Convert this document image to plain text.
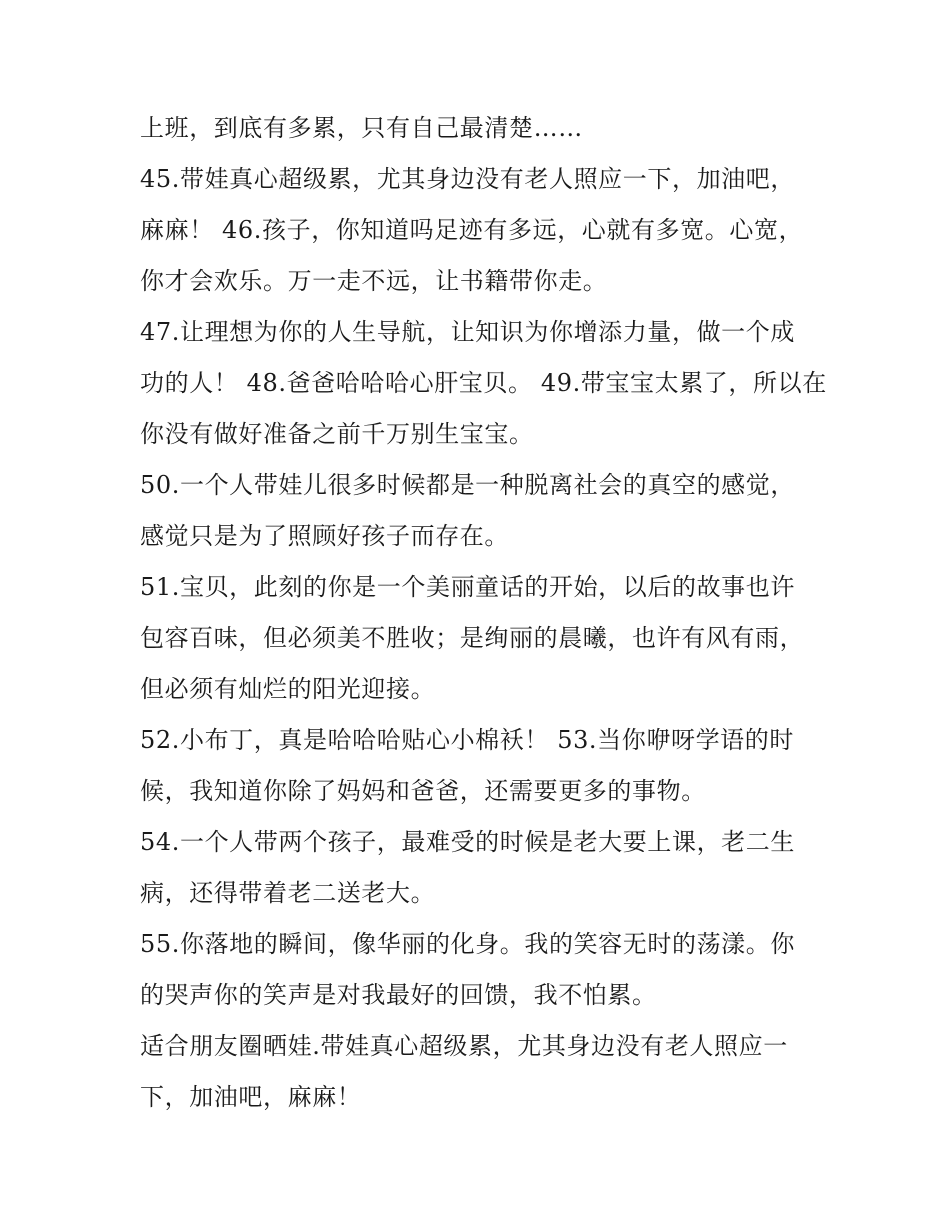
上班，到底有多累，只有自己最清楚……
45.带娃真心超级累，尤其身边没有老人照应一下，加油吧，
麻麻！ 46.孩子，你知道吗足迹有多远，心就有多宽。心宽，
你才会欢乐。万一走不远，让书籍带你走。
47.让理想为你的人生导航，让知识为你增添力量，做一个成
功的人！ 48.爸爸哈哈哈心肝宝贝。 49.带宝宝太累了，所以在
你没有做好准备之前千万别生宝宝。
50.一个人带娃儿很多时候都是一种脱离社会的真空的感觉，
感觉只是为了照顾好孩子而存在。
51.宝贝，此刻的你是一个美丽童话的开始，以后的故事也许
包容百味，但必须美不胜收；是绚丽的晨曦，也许有风有雨，
但必须有灿烂的阳光迎接。
52.小布丁，真是哈哈哈贴心小棉袄！ 53.当你咿呀学语的时
候，我知道你除了妈妈和爸爸，还需要更多的事物。
54.一个人带两个孩子，最难受的时候是老大要上课，老二生
病，还得带着老二送老大。
55.你落地的瞬间，像华丽的化身。我的笑容无时的荡漾。你
的哭声你的笑声是对我最好的回馈，我不怕累。
适合朋友圈晒娃.带娃真心超级累，尤其身边没有老人照应一
下，加油吧，麻麻！
